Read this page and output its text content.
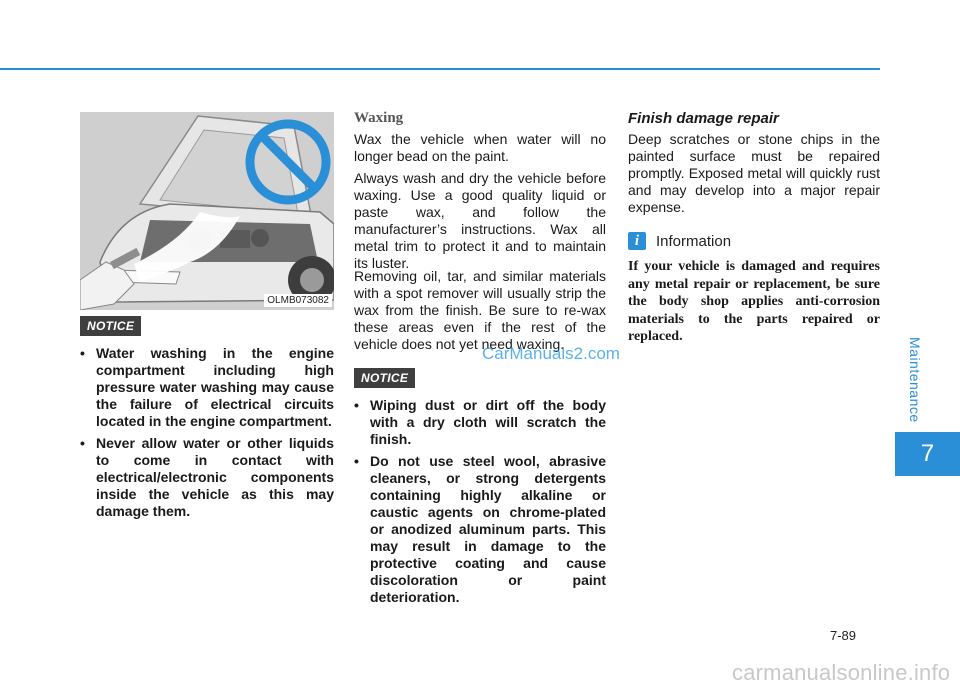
Maintenance
7
7-89
OLMB073082
NOTICE
• Water washing in the engine compartment including high pressure water washing may cause the failure of electrical circuits located in the engine compartment.
• Never allow water or other liquids to come in contact with electrical/electronic components inside the vehicle as this may damage them.
Waxing

Wax the vehicle when water will no longer bead on the paint.

Always wash and dry the vehicle before waxing. Use a good quality liquid or paste wax, and follow the manufacturer’s instructions. Wax all metal trim to protect it and to maintain its luster.

Removing oil, tar, and similar materials with a spot remover will usually strip the wax from the finish. Be sure to re-wax these areas even if the rest of the vehicle does not yet need waxing.

NOTICE
• Wiping dust or dirt off the body with a dry cloth will scratch the finish.
• Do not use steel wool, abrasive cleaners, or strong detergents containing highly alkaline or caustic agents on chrome-plated or anodized aluminum parts. This may result in damage to the protective coating and cause discoloration or paint deterioration.
Finish damage repair

Deep scratches or stone chips in the painted surface must be repaired promptly. Exposed metal will quickly rust and may develop into a major repair expense.

i	Information

If your vehicle is damaged and requires any metal repair or replacement, be sure the body shop applies anti-corrosion materials to the parts repaired or replaced.

CarManuals2.com
carmanualsonline.info
